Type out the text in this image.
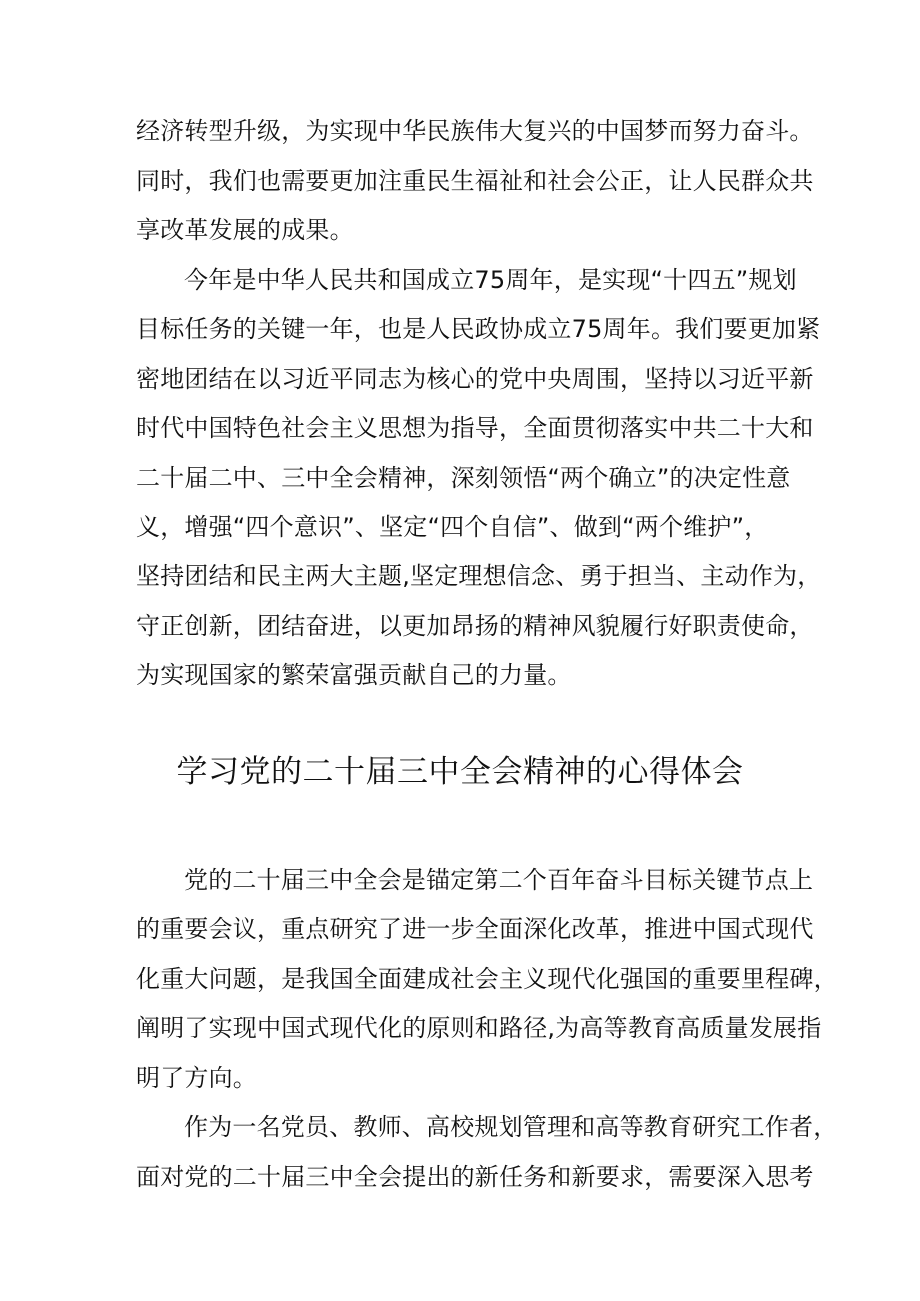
经济转型升级，为实现中华民族伟大复兴的中国梦而努力奋斗。
同时，我们也需要更加注重民生福祉和社会公正，让人民群众共
享改革发展的成果。
今年是中华人民共和国成立75周年，是实现“十四五”规划
目标任务的关键一年，也是人民政协成立75周年。我们要更加紧
密地团结在以习近平同志为核心的党中央周围，坚持以习近平新
时代中国特色社会主义思想为指导，全面贯彻落实中共二十大和
二十届二中、三中全会精神，深刻领悟“两个确立”的决定性意
义，增强“四个意识”、坚定“四个自信”、做到“两个维护”，
坚持团结和民主两大主题,坚定理想信念、勇于担当、主动作为，
守正创新，团结奋进，以更加昂扬的精神风貌履行好职责使命，
为实现国家的繁荣富强贡献自己的力量。
学习党的二十届三中全会精神的心得体会
党的二十届三中全会是锚定第二个百年奋斗目标关键节点上
的重要会议，重点研究了进一步全面深化改革，推进中国式现代
化重大问题，是我国全面建成社会主义现代化强国的重要里程碑，
阐明了实现中国式现代化的原则和路径,为高等教育高质量发展指
明了方向。
作为一名党员、教师、高校规划管理和高等教育研究工作者，
面对党的二十届三中全会提出的新任务和新要求，需要深入思考
